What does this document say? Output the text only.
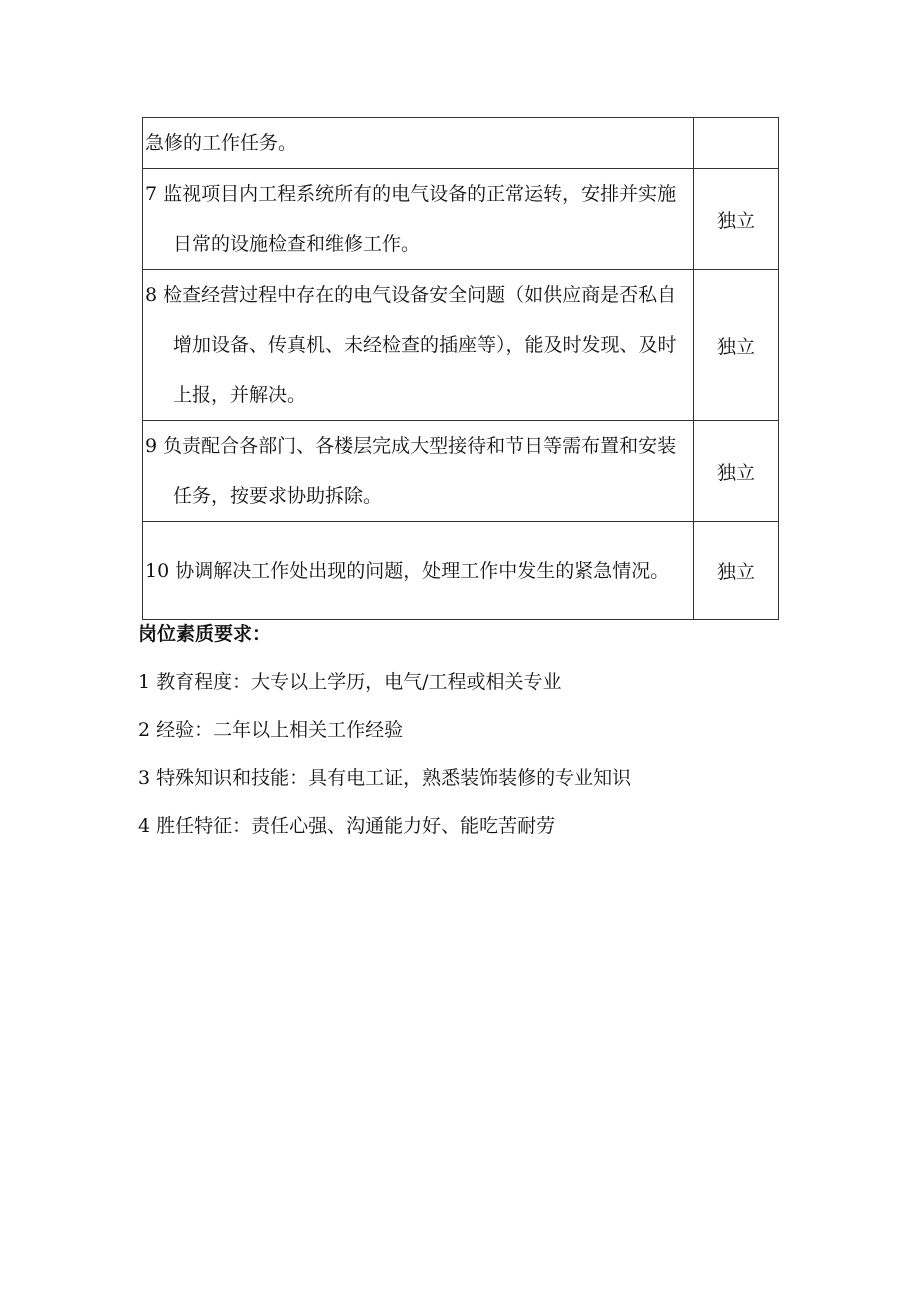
急修的工作任务。	

7 监视项目内工程系统所有的电气设备的正常运转，安排并实施日常的设施检查和维修工作。	独立

8 检查经营过程中存在的电气设备安全问题（如供应商是否私自增加设备、传真机、未经检查的插座等），能及时发现、及时上报，并解决。	独立

9 负责配合各部门、各楼层完成大型接待和节日等需布置和安装任务，按要求协助拆除。	独立

10 协调解决工作处出现的问题，处理工作中发生的紧急情况。	独立

岗位素质要求：

1 教育程度：大专以上学历，电气/工程或相关专业

2 经验：二年以上相关工作经验

3 特殊知识和技能：具有电工证，熟悉装饰装修的专业知识

4 胜任特征：责任心强、沟通能力好、能吃苦耐劳
